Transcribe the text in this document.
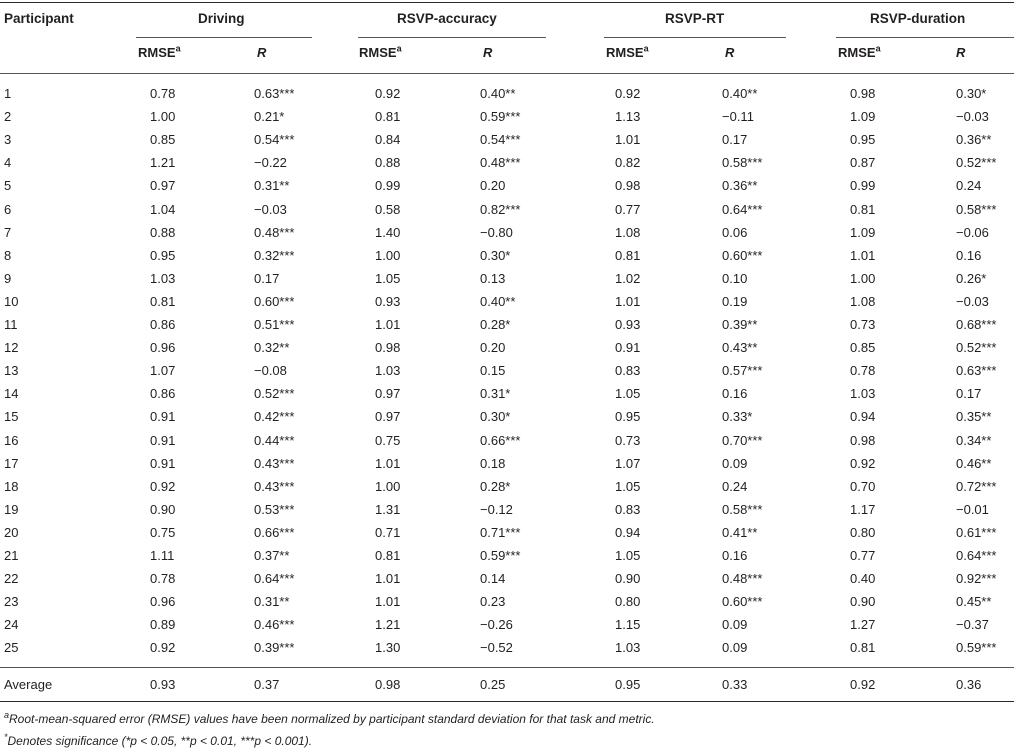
Participant	Driving	RSVP-accuracy	RSVP-RT	RSVP-duration
RMSE$^a$	R	RMSE$^a$	R	RMSE$^a$	R	RMSE$^a$	R
1	0.78	0.63***	0.92	0.40**	0.92	0.40**	0.98	0.30*
2	1.00	0.21*	0.81	0.59***	1.13	−0.11	1.09	−0.03
3	0.85	0.54***	0.84	0.54***	1.01	0.17	0.95	0.36**
4	1.21	−0.22	0.88	0.48***	0.82	0.58***	0.87	0.52***
5	0.97	0.31**	0.99	0.20	0.98	0.36**	0.99	0.24
6	1.04	−0.03	0.58	0.82***	0.77	0.64***	0.81	0.58***
7	0.88	0.48***	1.40	−0.80	1.08	0.06	1.09	−0.06
8	0.95	0.32***	1.00	0.30*	0.81	0.60***	1.01	0.16
9	1.03	0.17	1.05	0.13	1.02	0.10	1.00	0.26*
10	0.81	0.60***	0.93	0.40**	1.01	0.19	1.08	−0.03
11	0.86	0.51***	1.01	0.28*	0.93	0.39**	0.73	0.68***
12	0.96	0.32**	0.98	0.20	0.91	0.43**	0.85	0.52***
13	1.07	−0.08	1.03	0.15	0.83	0.57***	0.78	0.63***
14	0.86	0.52***	0.97	0.31*	1.05	0.16	1.03	0.17
15	0.91	0.42***	0.97	0.30*	0.95	0.33*	0.94	0.35**
16	0.91	0.44***	0.75	0.66***	0.73	0.70***	0.98	0.34**
17	0.91	0.43***	1.01	0.18	1.07	0.09	0.92	0.46**
18	0.92	0.43***	1.00	0.28*	1.05	0.24	0.70	0.72***
19	0.90	0.53***	1.31	−0.12	0.83	0.58***	1.17	−0.01
20	0.75	0.66***	0.71	0.71***	0.94	0.41**	0.80	0.61***
21	1.11	0.37**	0.81	0.59***	1.05	0.16	0.77	0.64***
22	0.78	0.64***	1.01	0.14	0.90	0.48***	0.40	0.92***
23	0.96	0.31**	1.01	0.23	0.80	0.60***	0.90	0.45**
24	0.89	0.46***	1.21	−0.26	1.15	0.09	1.27	−0.37
25	0.92	0.39***	1.30	−0.52	1.03	0.09	0.81	0.59***
Average	0.93	0.37	0.98	0.25	0.95	0.33	0.92	0.36
$^a$Root-mean-squared error (RMSE) values have been normalized by participant standard deviation for that task and metric.
*Denotes significance (*p < 0.05, **p < 0.01, ***p < 0.001).
